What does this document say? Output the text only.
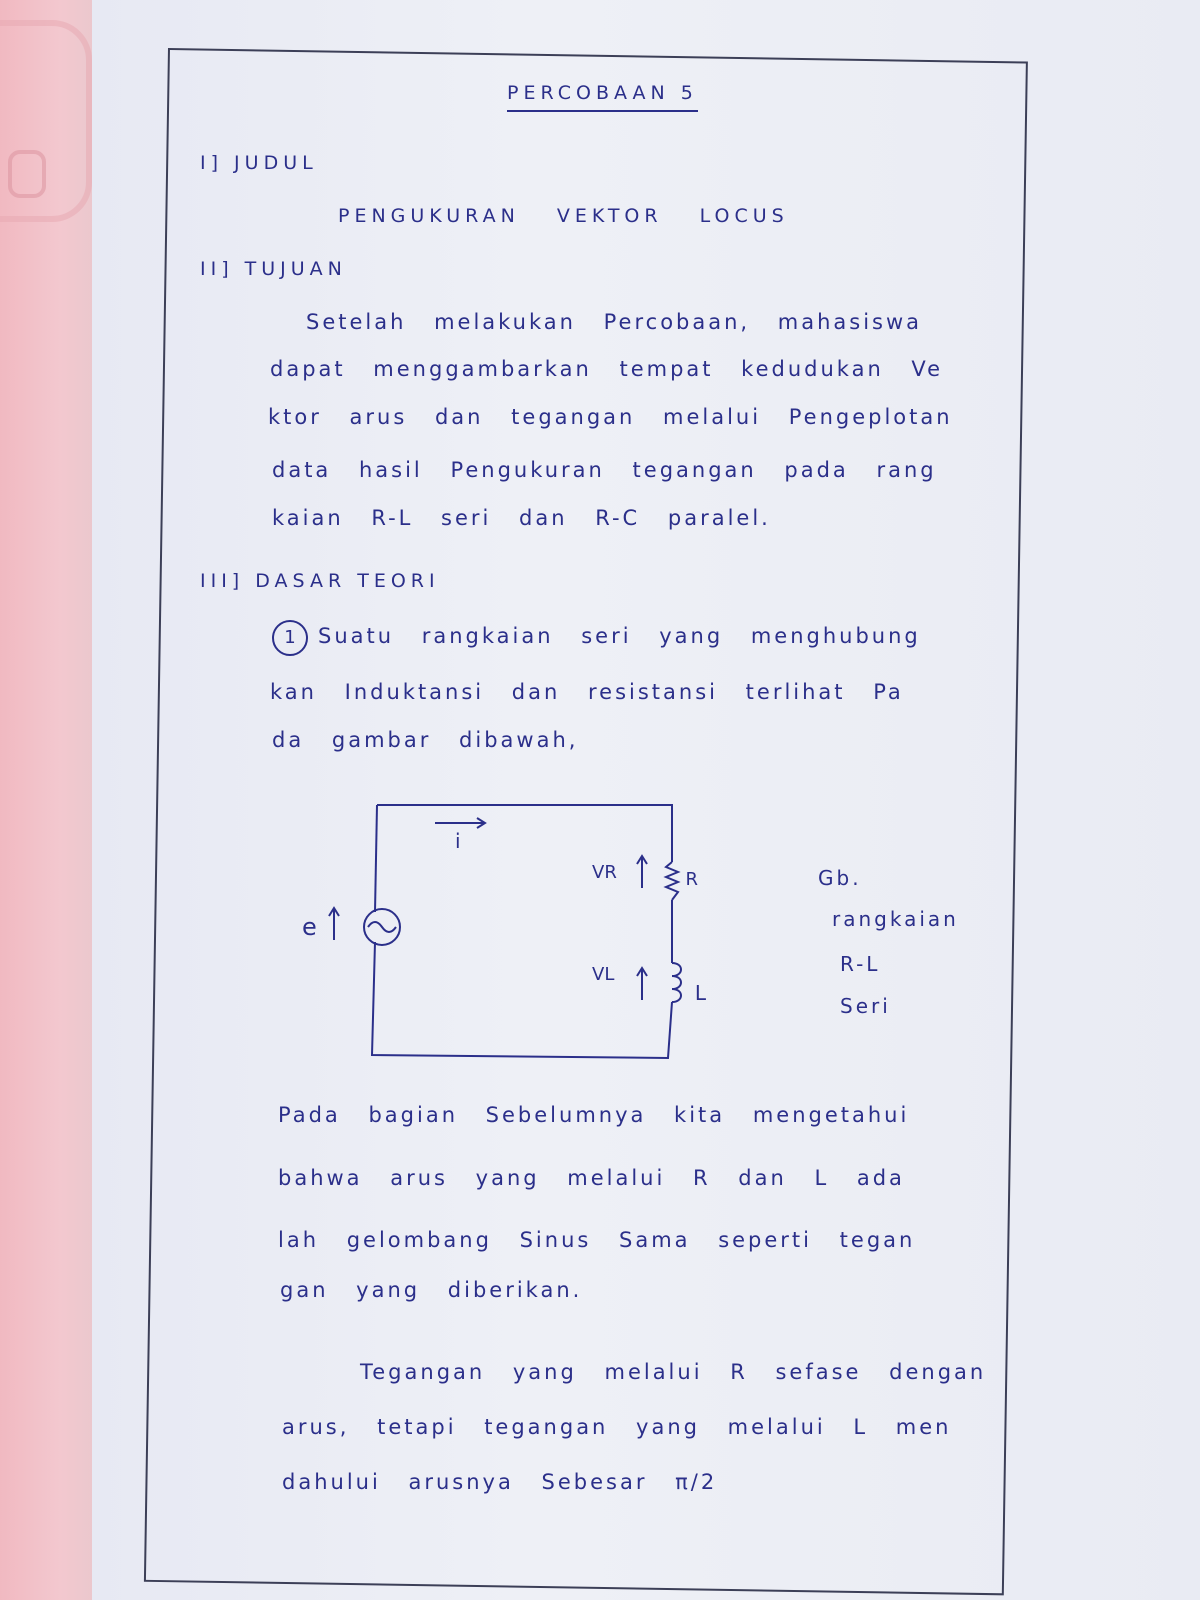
PERCOBAAN 5
I] JUDUL
PENGUKURAN VEKTOR LOCUS
II] TUJUAN
Setelah melakukan Percobaan, mahasiswa
dapat menggambarkan tempat kedudukan Ve
ktor arus dan tegangan melalui Pengeplotan
data hasil Pengukuran tegangan pada rang
kaian R-L seri dan R-C paralel.
III] DASAR TEORI
1 Suatu rangkaian seri yang menghubung
kan Induktansi dan resistansi terlihat Pa
da gambar dibawah,
i
e
VR
VL
R
L
Gb.
rangkaian
R-L
Seri
Pada bagian Sebelumnya kita mengetahui
bahwa arus yang melalui R dan L ada
lah gelombang Sinus Sama seperti tegan
gan yang diberikan.
Tegangan yang melalui R sefase dengan
arus, tetapi tegangan yang melalui L men
dahului arusnya Sebesar π/2
